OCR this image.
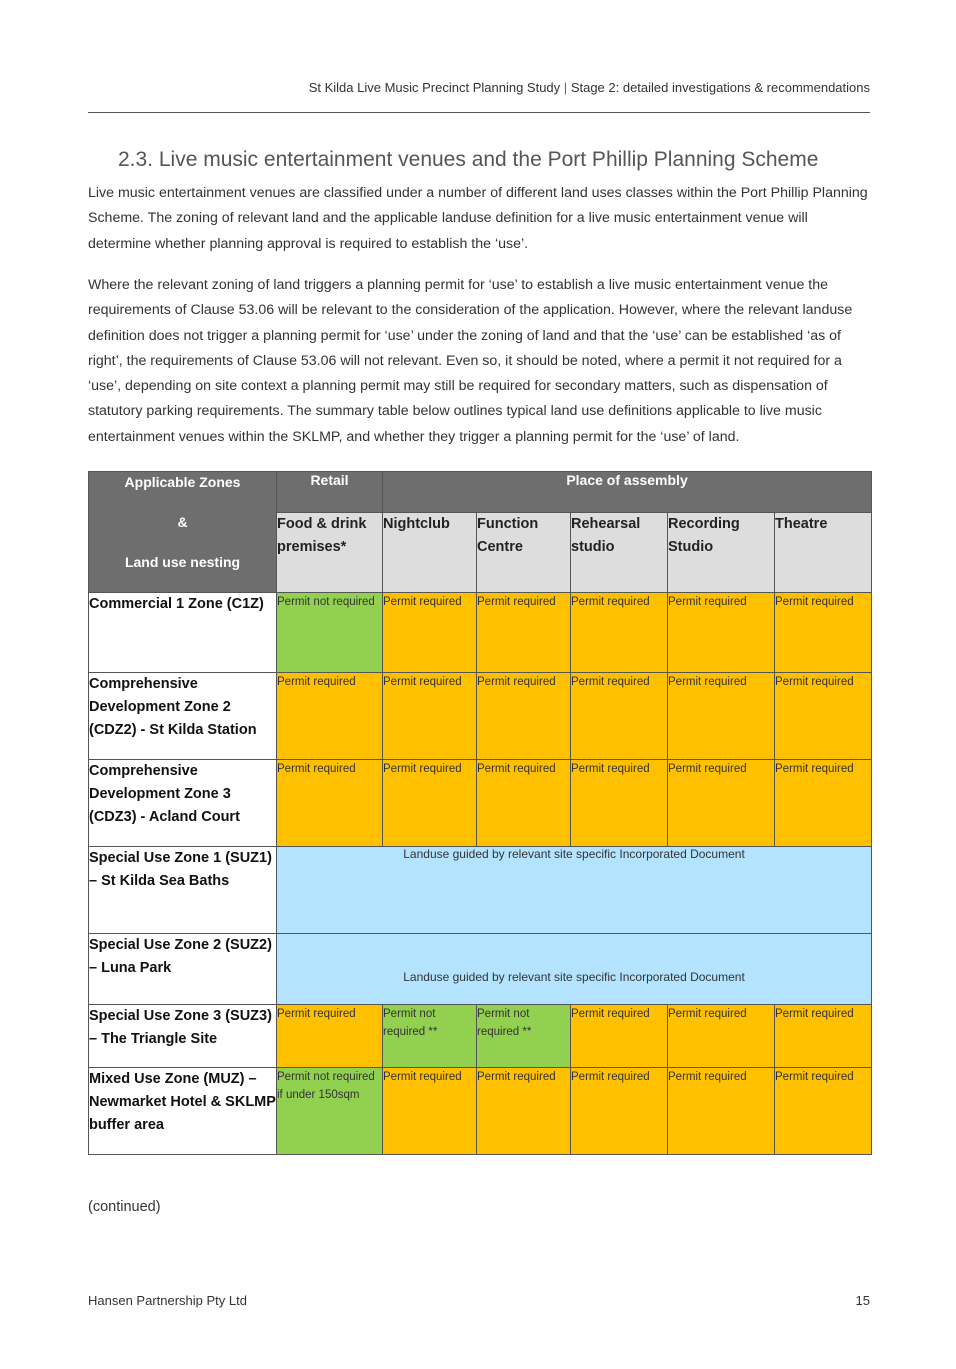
St Kilda Live Music Precinct Planning Study | Stage 2: detailed investigations & recommendations
2.3. Live music entertainment venues and the Port Phillip Planning Scheme

Live music entertainment venues are classified under a number of different land uses classes within the Port Phillip Planning Scheme. The zoning of relevant land and the applicable landuse definition for a live music entertainment venue will determine whether planning approval is required to establish the ‘use’.

Where the relevant zoning of land triggers a planning permit for ‘use’ to establish a live music entertainment venue the requirements of Clause 53.06 will be relevant to the consideration of the application. However, where the relevant landuse definition does not trigger a planning permit for ‘use’ under the zoning of land and that the ‘use’ can be established ‘as of right’, the requirements of Clause 53.06 will not relevant. Even so, it should be noted, where a permit it not required for a ‘use’, depending on site context a planning permit may still be required for secondary matters, such as dispensation of statutory parking requirements. The summary table below outlines typical land use definitions applicable to live music entertainment venues within the SKLMP, and whether they trigger a planning permit for the ‘use’ of land.

Applicable Zones
&
Land use nesting	Retail	Place of assembly				
	Food & drink premises*	Nightclub	Function Centre	Rehearsal studio	Recording Studio	Theatre
Commercial 1 Zone (C1Z)	Permit not required	Permit required	Permit required	Permit required	Permit required	Permit required
Comprehensive Development Zone 2 (CDZ2) - St Kilda Station	Permit required	Permit required	Permit required	Permit required	Permit required	Permit required
Comprehensive Development Zone 3 (CDZ3) - Acland Court	Permit required	Permit required	Permit required	Permit required	Permit required	Permit required
Special Use Zone 1 (SUZ1) – St Kilda Sea Baths	Landuse guided by relevant site specific Incorporated Document					
Special Use Zone 2 (SUZ2) – Luna Park	Landuse guided by relevant site specific Incorporated Document					
Special Use Zone 3 (SUZ3) – The Triangle Site	Permit required	Permit not required **	Permit not required **	Permit required	Permit required	Permit required
Mixed Use Zone (MUZ) – Newmarket Hotel & SKLMP buffer area	Permit not required if under 150sqm	Permit required	Permit required	Permit required	Permit required	Permit required
(continued)
Hansen Partnership Pty Ltd	15
